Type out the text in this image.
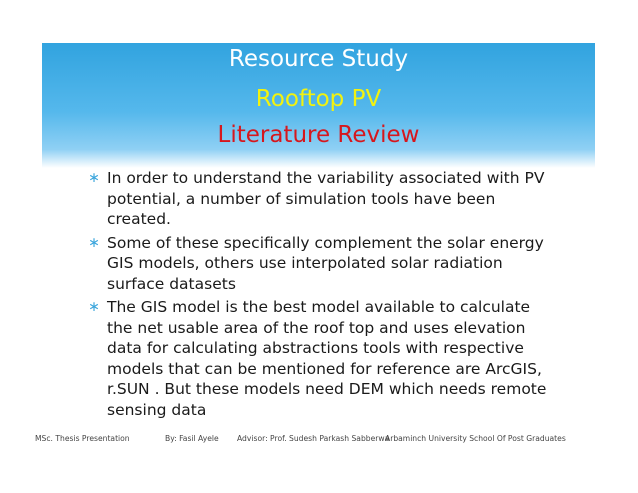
Resource Study
Rooftop PV
Literature Review
∗ In order to understand the variability associated with PV potential, a number of simulation tools have been created.
∗ Some of these specifically complement the solar energy GIS models, others use interpolated solar radiation surface datasets
∗ The GIS model is the best model available to calculate the net usable area of the roof top and uses elevation data for calculating abstractions tools with respective models that can be mentioned for reference are ArcGIS, r.SUN . But these models need DEM which needs remote sensing data
MSc. Thesis Presentation	By: Fasil Ayele Advisor: Prof. Sudesh Parkash Sabberwa
Arbaminch University School Of Post Graduates
